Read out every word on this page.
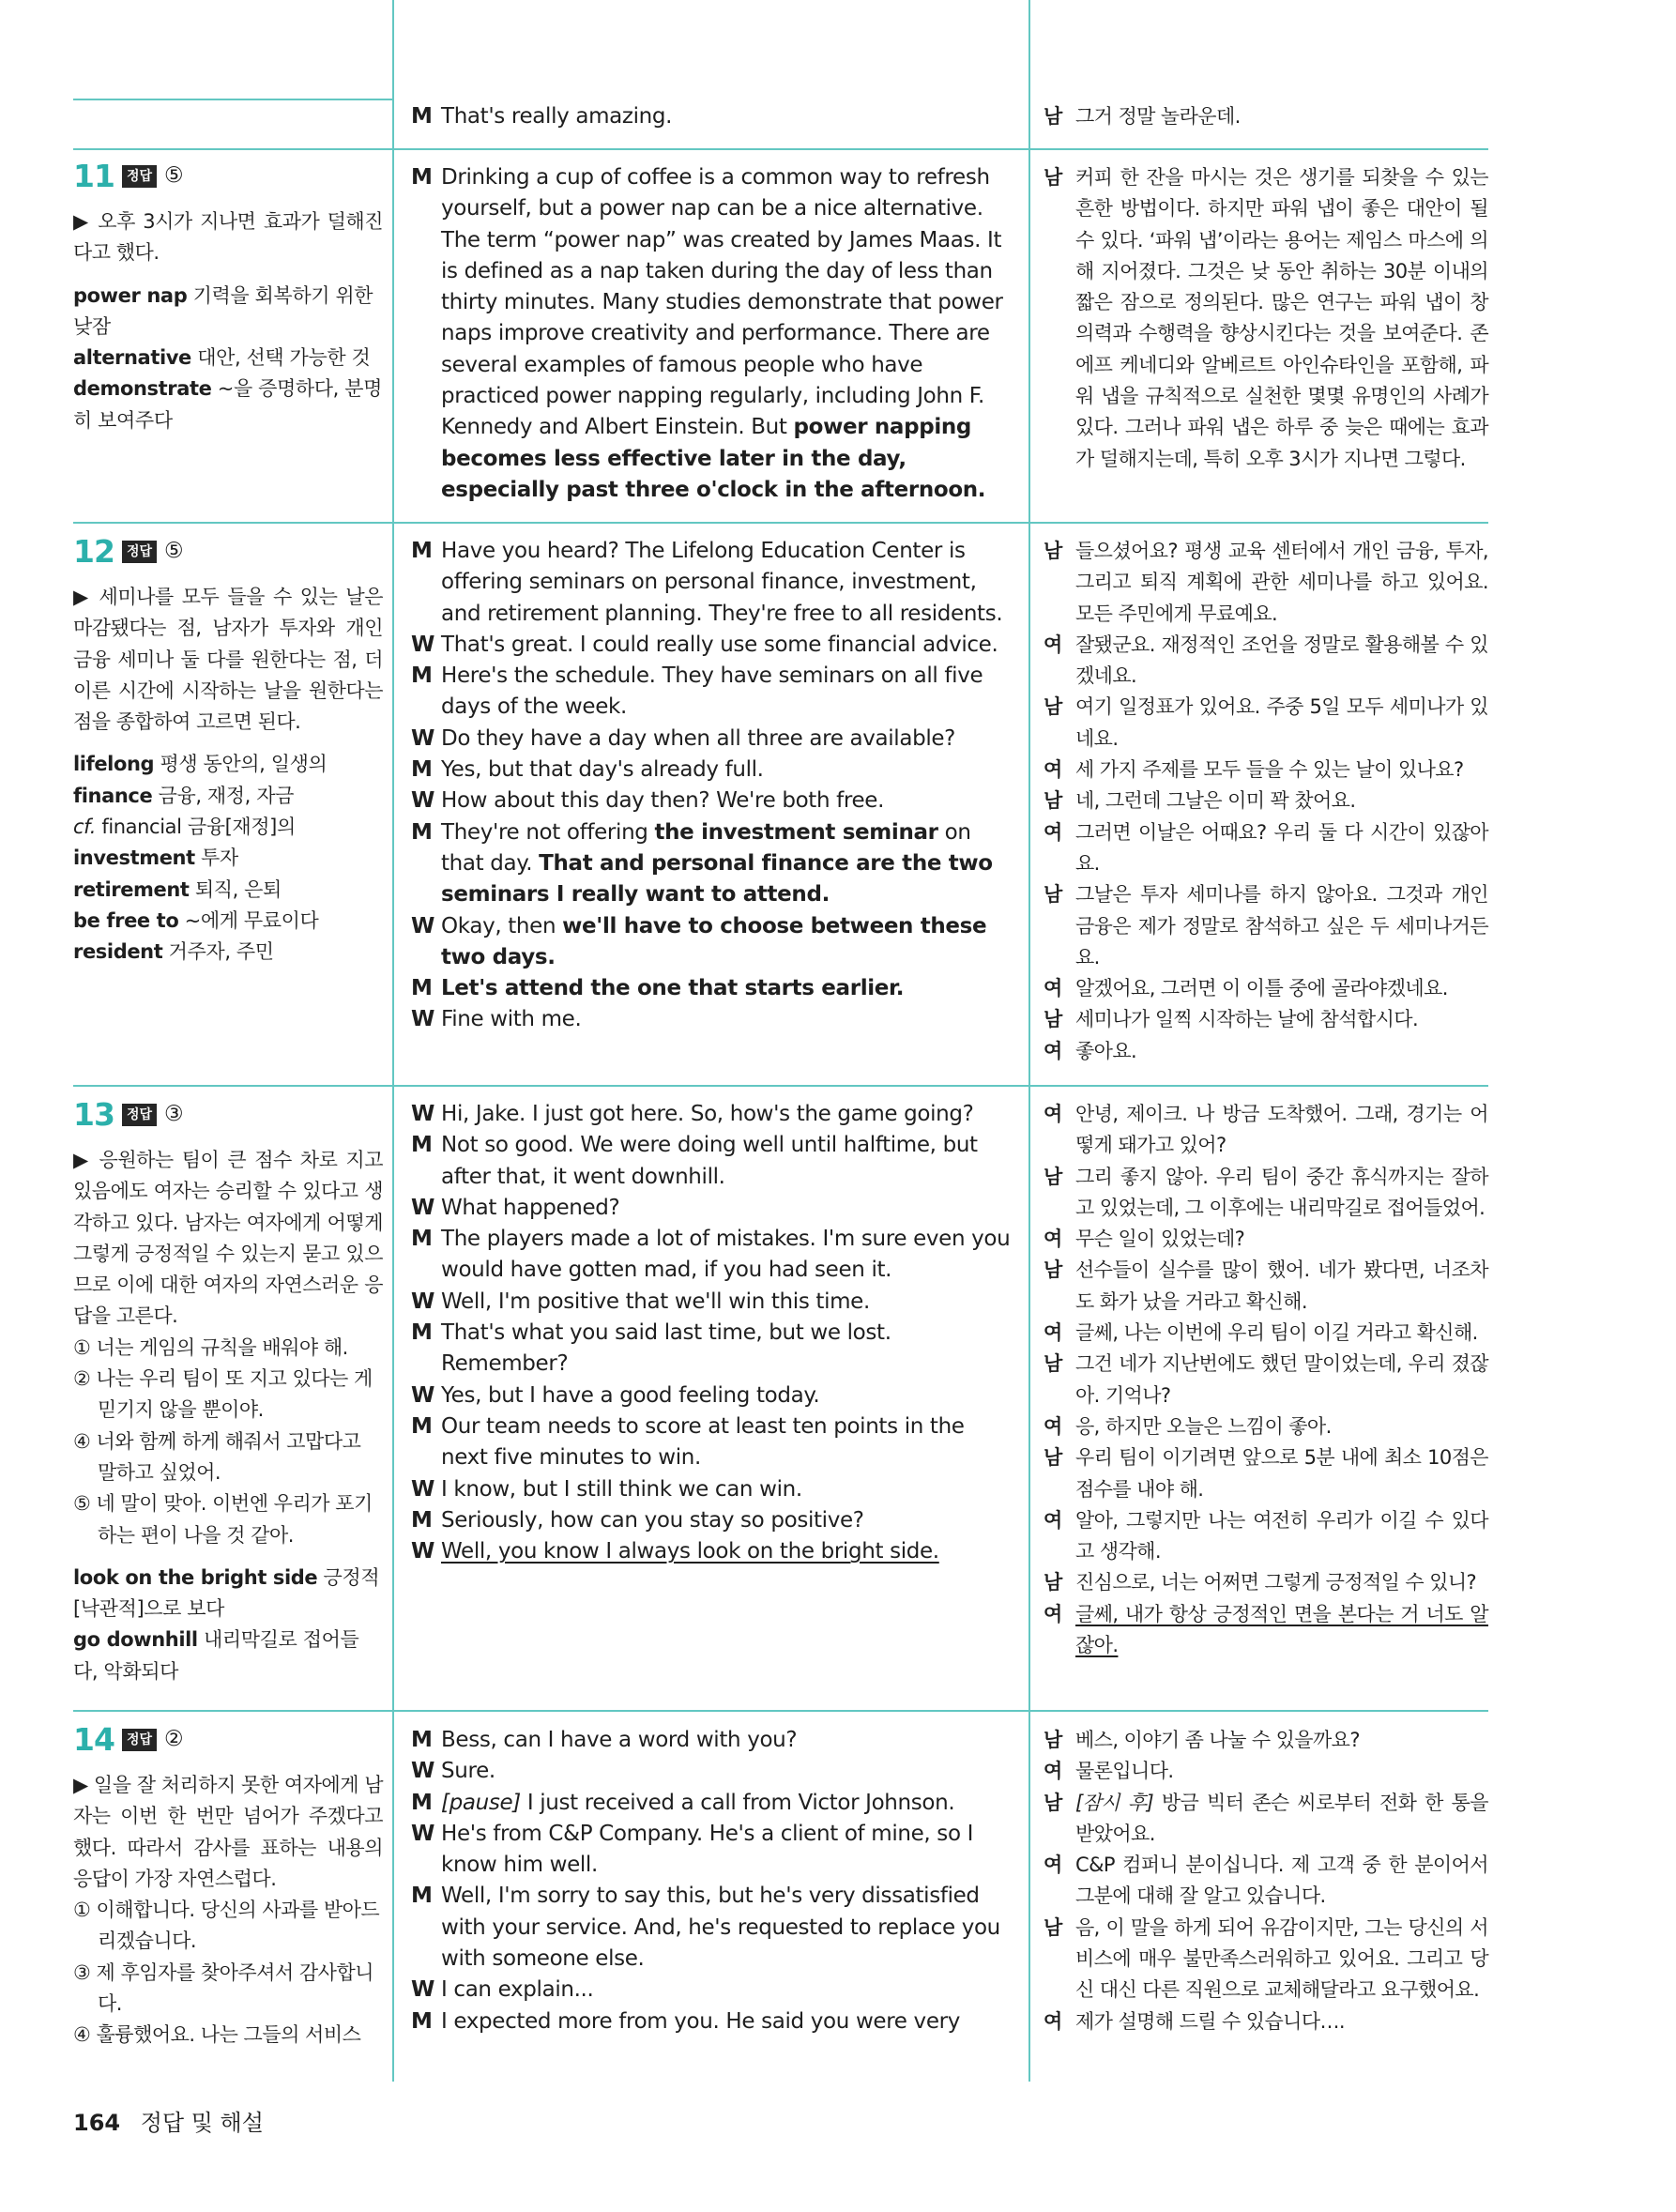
M That's really amazing.	남 그거 정말 놀라운데.
11 정답 ⑤

▶ 오후 3시가 지나면 효과가 덜해진다고 했다.

power nap 기력을 회복하기 위한 낮잠

alternative 대안, 선택 가능한 것

demonstrate ~을 증명하다, 분명히 보여주다

M Drinking a cup of coffee is a common way to refresh yourself, but a power nap can be a nice alternative. The term “power nap” was created by James Maas. It is defined as a nap taken during the day of less than thirty minutes. Many studies demonstrate that power naps improve creativity and performance. There are several examples of famous people who have practiced power napping regularly, including John F. Kennedy and Albert Einstein. But power napping becomes less effective later in the day, especially past three o'clock in the afternoon.
남 커피 한 잔을 마시는 것은 생기를 되찾을 수 있는 흔한 방법이다. 하지만 파워 냅이 좋은 대안이 될 수 있다. ‘파워 냅’이라는 용어는 제임스 마스에 의해 지어졌다. 그것은 낮 동안 취하는 30분 이내의 짧은 잠으로 정의된다. 많은 연구는 파워 냅이 창의력과 수행력을 향상시킨다는 것을 보여준다. 존 에프 케네디와 알베르트 아인슈타인을 포함해, 파워 냅을 규칙적으로 실천한 몇몇 유명인의 사례가 있다. 그러나 파워 냅은 하루 중 늦은 때에는 효과가 덜해지는데, 특히 오후 3시가 지나면 그렇다.
12 정답 ⑤

▶ 세미나를 모두 들을 수 있는 날은 마감됐다는 점, 남자가 투자와 개인 금융 세미나 둘 다를 원한다는 점, 더 이른 시간에 시작하는 날을 원한다는 점을 종합하여 고르면 된다.

lifelong 평생 동안의, 일생의

finance 금융, 재정, 자금

cf. financial 금융[재정]의

investment 투자

retirement 퇴직, 은퇴

be free to ~에게 무료이다

resident 거주자, 주민

M Have you heard? The Lifelong Education Center is offering seminars on personal finance, investment, and retirement planning. They're free to all residents.
W That's great. I could really use some financial advice.
M Here's the schedule. They have seminars on all five days of the week.
W Do they have a day when all three are available?
M Yes, but that day's already full.
W How about this day then? We're both free.
M They're not offering the investment seminar on that day. That and personal finance are the two seminars I really want to attend.
W Okay, then we'll have to choose between these two days.
M Let's attend the one that starts earlier.
W Fine with me.
남 들으셨어요? 평생 교육 센터에서 개인 금융, 투자, 그리고 퇴직 계획에 관한 세미나를 하고 있어요. 모든 주민에게 무료예요.
여 잘됐군요. 재정적인 조언을 정말로 활용해볼 수 있겠네요.
남 여기 일정표가 있어요. 주중 5일 모두 세미나가 있네요.
여 세 가지 주제를 모두 들을 수 있는 날이 있나요?
남 네, 그런데 그날은 이미 꽉 찼어요.
여 그러면 이날은 어때요? 우리 둘 다 시간이 있잖아요.
남 그날은 투자 세미나를 하지 않아요. 그것과 개인 금융은 제가 정말로 참석하고 싶은 두 세미나거든요.
여 알겠어요, 그러면 이 이틀 중에 골라야겠네요.
남 세미나가 일찍 시작하는 날에 참석합시다.
여 좋아요.
13 정답 ③

▶ 응원하는 팀이 큰 점수 차로 지고 있음에도 여자는 승리할 수 있다고 생각하고 있다. 남자는 여자에게 어떻게 그렇게 긍정적일 수 있는지 묻고 있으므로 이에 대한 여자의 자연스러운 응답을 고른다.

① 너는 게임의 규칙을 배워야 해.

② 나는 우리 팀이 또 지고 있다는 게 믿기지 않을 뿐이야.

④ 너와 함께 하게 해줘서 고맙다고 말하고 싶었어.

⑤ 네 말이 맞아. 이번엔 우리가 포기하는 편이 나을 것 같아.

look on the bright side 긍정적[낙관적]으로 보다

go downhill 내리막길로 접어들다, 악화되다

W Hi, Jake. I just got here. So, how's the game going?
M Not so good. We were doing well until halftime, but after that, it went downhill.
W What happened?
M The players made a lot of mistakes. I'm sure even you would have gotten mad, if you had seen it.
W Well, I'm positive that we'll win this time.
M That's what you said last time, but we lost. Remember?
W Yes, but I have a good feeling today.
M Our team needs to score at least ten points in the next five minutes to win.
W I know, but I still think we can win.
M Seriously, how can you stay so positive?
W Well, you know I always look on the bright side.
여 안녕, 제이크. 나 방금 도착했어. 그래, 경기는 어떻게 돼가고 있어?
남 그리 좋지 않아. 우리 팀이 중간 휴식까지는 잘하고 있었는데, 그 이후에는 내리막길로 접어들었어.
여 무슨 일이 있었는데?
남 선수들이 실수를 많이 했어. 네가 봤다면, 너조차도 화가 났을 거라고 확신해.
여 글쎄, 나는 이번에 우리 팀이 이길 거라고 확신해.
남 그건 네가 지난번에도 했던 말이었는데, 우리 졌잖아. 기억나?
여 응, 하지만 오늘은 느낌이 좋아.
남 우리 팀이 이기려면 앞으로 5분 내에 최소 10점은 점수를 내야 해.
여 알아, 그렇지만 나는 여전히 우리가 이길 수 있다고 생각해.
남 진심으로, 너는 어쩌면 그렇게 긍정적일 수 있니?
여 글쎄, 내가 항상 긍정적인 면을 본다는 거 너도 알잖아.
14 정답 ②

▶ 일을 잘 처리하지 못한 여자에게 남자는 이번 한 번만 넘어가 주겠다고 했다. 따라서 감사를 표하는 내용의 응답이 가장 자연스럽다.

① 이해합니다. 당신의 사과를 받아드리겠습니다.

③ 제 후임자를 찾아주셔서 감사합니다.

④ 훌륭했어요. 나는 그들의 서비스

M Bess, can I have a word with you?
W Sure.
M [pause] I just received a call from Victor Johnson.
W He's from C&P Company. He's a client of mine, so I know him well.
M Well, I'm sorry to say this, but he's very dissatisfied with your service. And, he's requested to replace you with someone else.
W I can explain...
M I expected more from you. He said you were very
남 베스, 이야기 좀 나눌 수 있을까요?
여 물론입니다.
남 [잠시 후] 방금 빅터 존슨 씨로부터 전화 한 통을 받았어요.
여 C&P 컴퍼니 분이십니다. 제 고객 중 한 분이어서 그분에 대해 잘 알고 있습니다.
남 음, 이 말을 하게 되어 유감이지만, 그는 당신의 서비스에 매우 불만족스러워하고 있어요. 그리고 당신 대신 다른 직원으로 교체해달라고 요구했어요.
여 제가 설명해 드릴 수 있습니다….
164 정답 및 해설
